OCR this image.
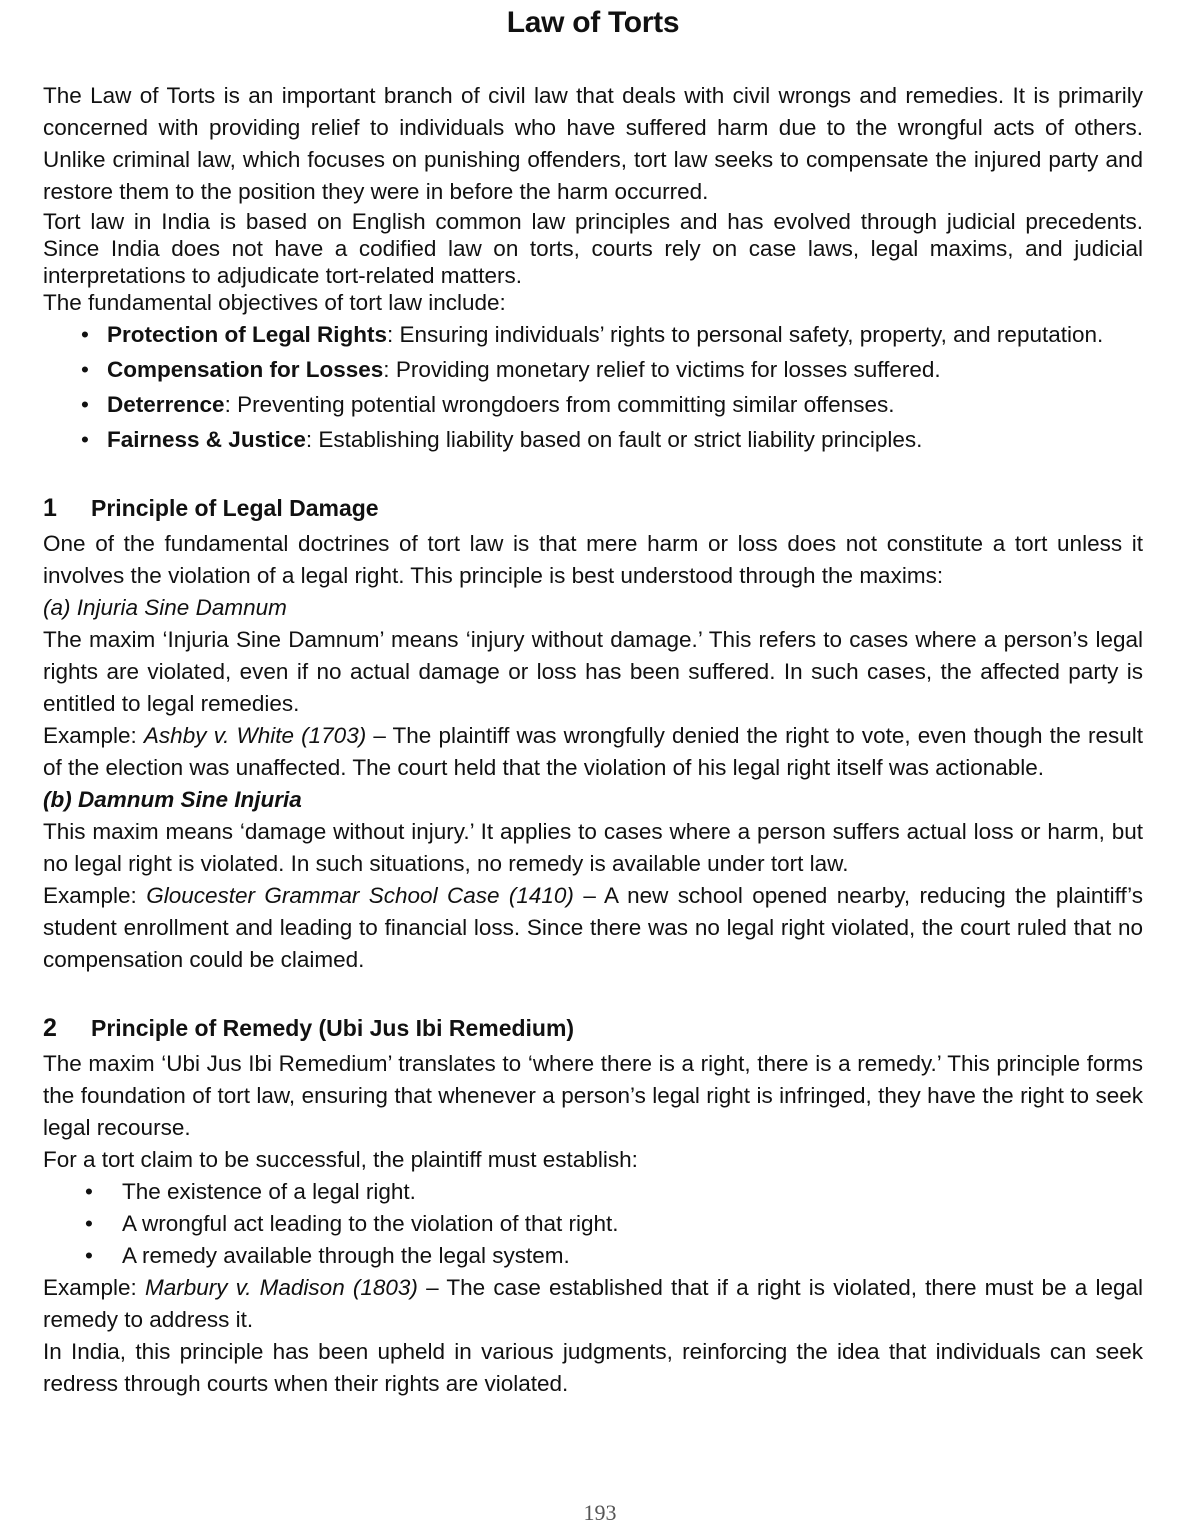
Law of Torts

The Law of Torts is an important branch of civil law that deals with civil wrongs and remedies. It is primarily concerned with providing relief to individuals who have suffered harm due to the wrongful acts of others. Unlike criminal law, which focuses on punishing offenders, tort law seeks to compensate the injured party and restore them to the position they were in before the harm occurred.

Tort law in India is based on English common law principles and has evolved through judicial precedents. Since India does not have a codified law on torts, courts rely on case laws, legal maxims, and judicial interpretations to adjudicate tort-related matters.

The fundamental objectives of tort law include:

• Protection of Legal Rights: Ensuring individuals’ rights to personal safety, property, and reputation.
• Compensation for Losses: Providing monetary relief to victims for losses suffered.
• Deterrence: Preventing potential wrongdoers from committing similar offenses.
• Fairness & Justice: Establishing liability based on fault or strict liability principles.
1	Principle of Legal Damage

One of the fundamental doctrines of tort law is that mere harm or loss does not constitute a tort unless it involves the violation of a legal right. This principle is best understood through the maxims:

(a) Injuria Sine Damnum

The maxim ‘Injuria Sine Damnum’ means ‘injury without damage.’ This refers to cases where a person’s legal rights are violated, even if no actual damage or loss has been suffered. In such cases, the affected party is entitled to legal remedies.

Example: Ashby v. White (1703) – The plaintiff was wrongfully denied the right to vote, even though the result of the election was unaffected. The court held that the violation of his legal right itself was actionable.

(b) Damnum Sine Injuria

This maxim means ‘damage without injury.’ It applies to cases where a person suffers actual loss or harm, but no legal right is violated. In such situations, no remedy is available under tort law.

Example: Gloucester Grammar School Case (1410) – A new school opened nearby, reducing the plaintiff’s student enrollment and leading to financial loss. Since there was no legal right violated, the court ruled that no compensation could be claimed.

2	Principle of Remedy (Ubi Jus Ibi Remedium)

The maxim ‘Ubi Jus Ibi Remedium’ translates to ‘where there is a right, there is a remedy.’ This principle forms the foundation of tort law, ensuring that whenever a person’s legal right is infringed, they have the right to seek legal recourse.

For a tort claim to be successful, the plaintiff must establish:

• The existence of a legal right.
• A wrongful act leading to the violation of that right.
• A remedy available through the legal system.

Example: Marbury v. Madison (1803) – The case established that if a right is violated, there must be a legal remedy to address it.

In India, this principle has been upheld in various judgments, reinforcing the idea that individuals can seek redress through courts when their rights are violated.

193
